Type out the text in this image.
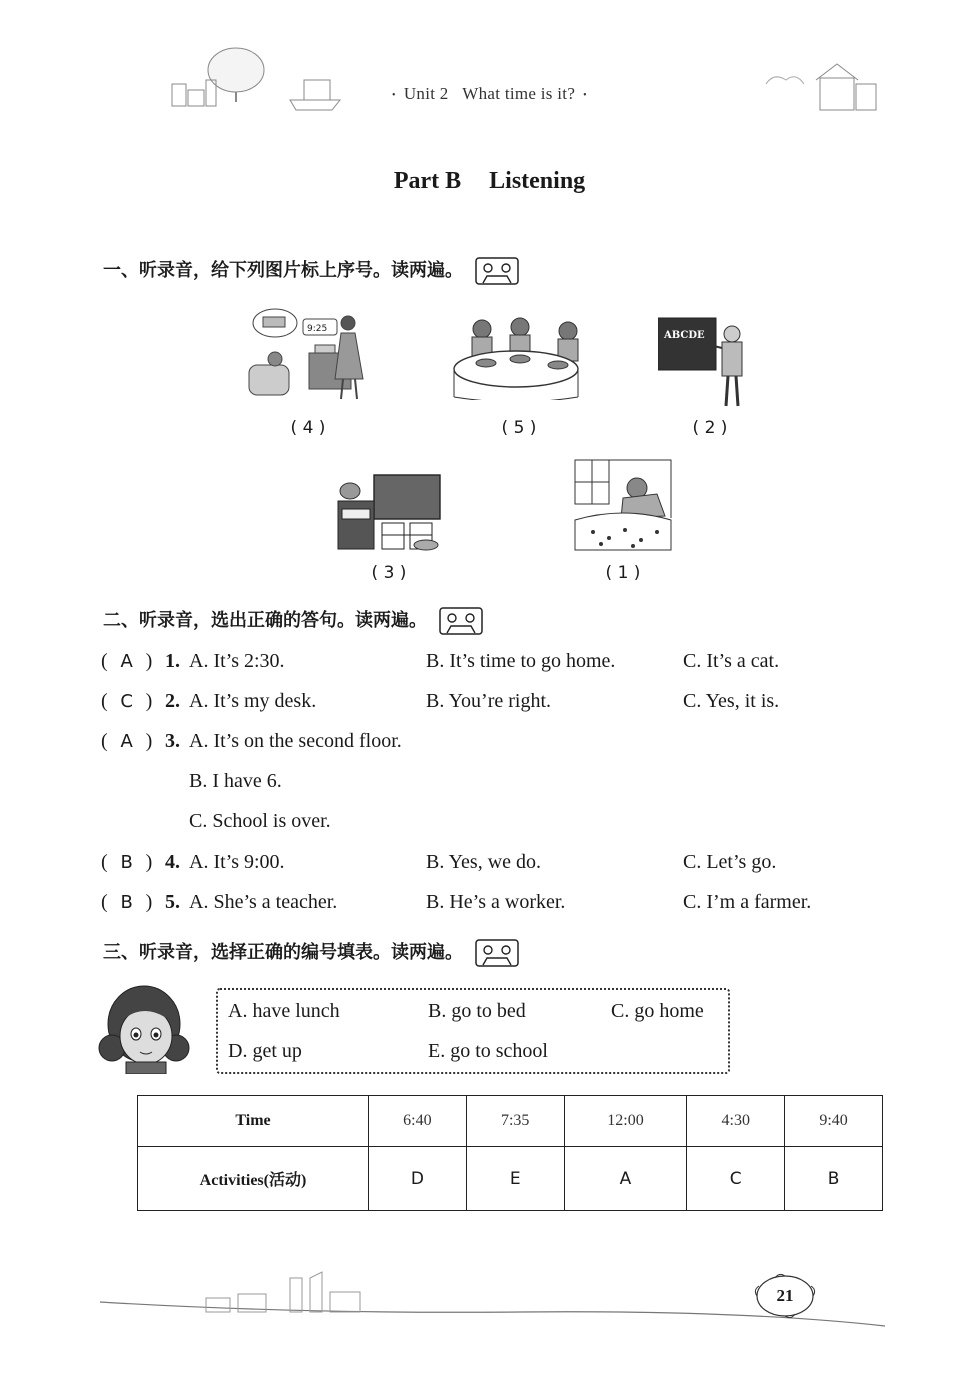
• Unit 2 What time is it? •
Part B Listening
一、听录音，给下列图片标上序号。读两遍。
9:25
( 4 )	( 5 )
ABCDE
( 2 )
( 3 )	( 1 )
二、听录音，选出正确的答句。读两遍。
( A ) 1. A. It’s 2:30.	B. It’s time to go home.	C. It’s a cat.
( C ) 2. A. It’s my desk.	B. You’re right.	C. Yes, it is.
( A ) 3. A. It’s on the second floor.
B. I have 6.
C. School is over.
( B ) 4. A. It’s 9:00.	B. Yes, we do.	C. Let’s go.
( B ) 5. A. She’s a teacher.	B. He’s a worker.	C. I’m a farmer.
三、听录音，选择正确的编号填表。读两遍。
A. have lunch	B. go to bed	C. go home
D. get up	E. go to school
Time	6:40	7:35	12:00	4:30	9:40
Activities(活动)	D	E	A	C	B
21
